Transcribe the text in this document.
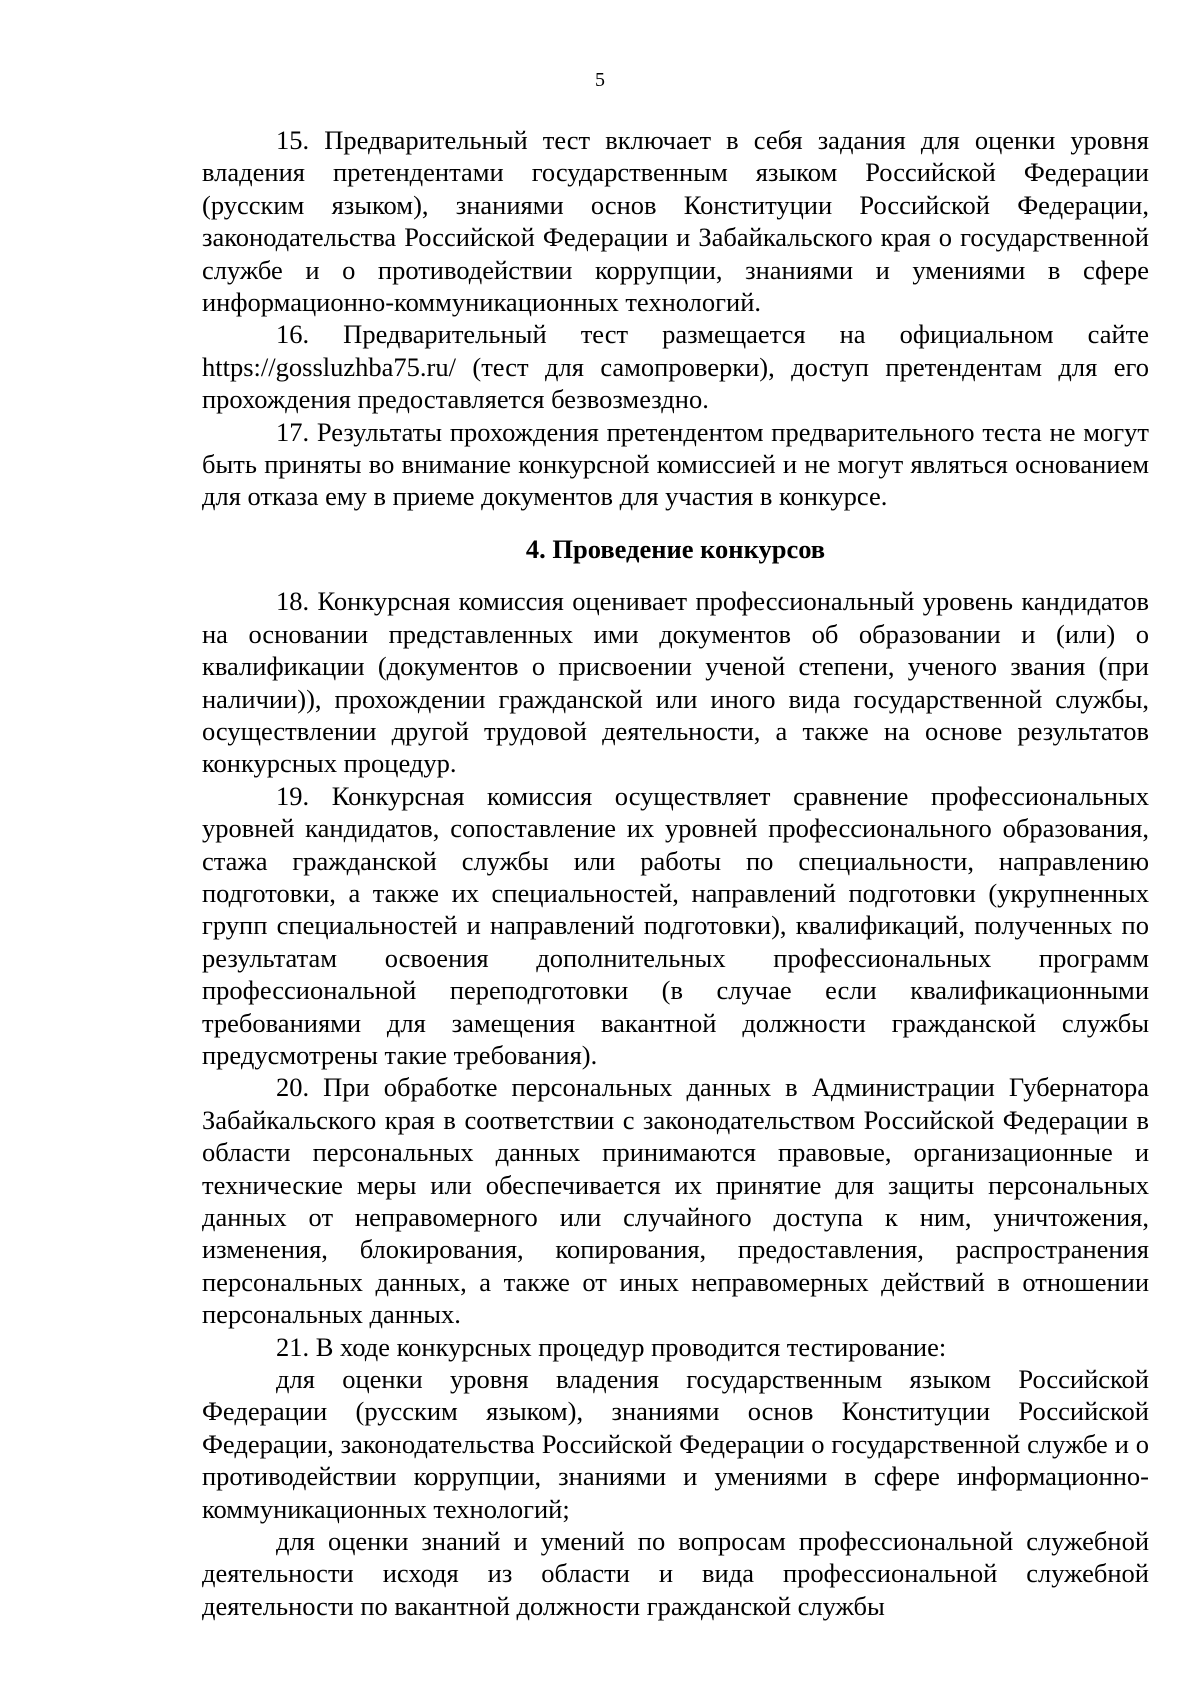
5

15. Предварительный тест включает в себя задания для оценки уровня владения претендентами государственным языком Российской Федерации (русским языком), знаниями основ Конституции Российской Федерации, законодательства Российской Федерации и Забайкальского края о государственной службе и о противодействии коррупции, знаниями и умениями в сфере информационно-коммуникационных технологий.

16. Предварительный тест размещается на официальном сайте https://gossluzhba75.ru/ (тест для самопроверки), доступ претендентам для его прохождения предоставляется безвозмездно.

17. Результаты прохождения претендентом предварительного теста не могут быть приняты во внимание конкурсной комиссией и не могут являться основанием для отказа ему в приеме документов для участия в конкурсе.

4. Проведение конкурсов

18. Конкурсная комиссия оценивает профессиональный уровень кандидатов на основании представленных ими документов об образовании и (или) о квалификации (документов о присвоении ученой степени, ученого звания (при наличии)), прохождении гражданской или иного вида государственной службы, осуществлении другой трудовой деятельности, а также на основе результатов конкурсных процедур.

19. Конкурсная комиссия осуществляет сравнение профессиональных уровней кандидатов, сопоставление их уровней профессионального образования, стажа гражданской службы или работы по специальности, направлению подготовки, а также их специальностей, направлений подготовки (укрупненных групп специальностей и направлений подготовки), квалификаций, полученных по результатам освоения дополнительных профессиональных программ профессиональной переподготовки (в случае если квалификационными требованиями для замещения вакантной должности гражданской службы предусмотрены такие требования).

20. При обработке персональных данных в Администрации Губернатора Забайкальского края в соответствии с законодательством Российской Федерации в области персональных данных принимаются правовые, организационные и технические меры или обеспечивается их принятие для защиты персональных данных от неправомерного или случайного доступа к ним, уничтожения, изменения, блокирования, копирования, предоставления, распространения персональных данных, а также от иных неправомерных действий в отношении персональных данных.

21. В ходе конкурсных процедур проводится тестирование:

для оценки уровня владения государственным языком Российской Федерации (русским языком), знаниями основ Конституции Российской Федерации, законодательства Российской Федерации о государственной службе и о противодействии коррупции, знаниями и умениями в сфере информационно-коммуникационных технологий;

для оценки знаний и умений по вопросам профессиональной служебной деятельности исходя из области и вида профессиональной служебной деятельности по вакантной должности гражданской службы
